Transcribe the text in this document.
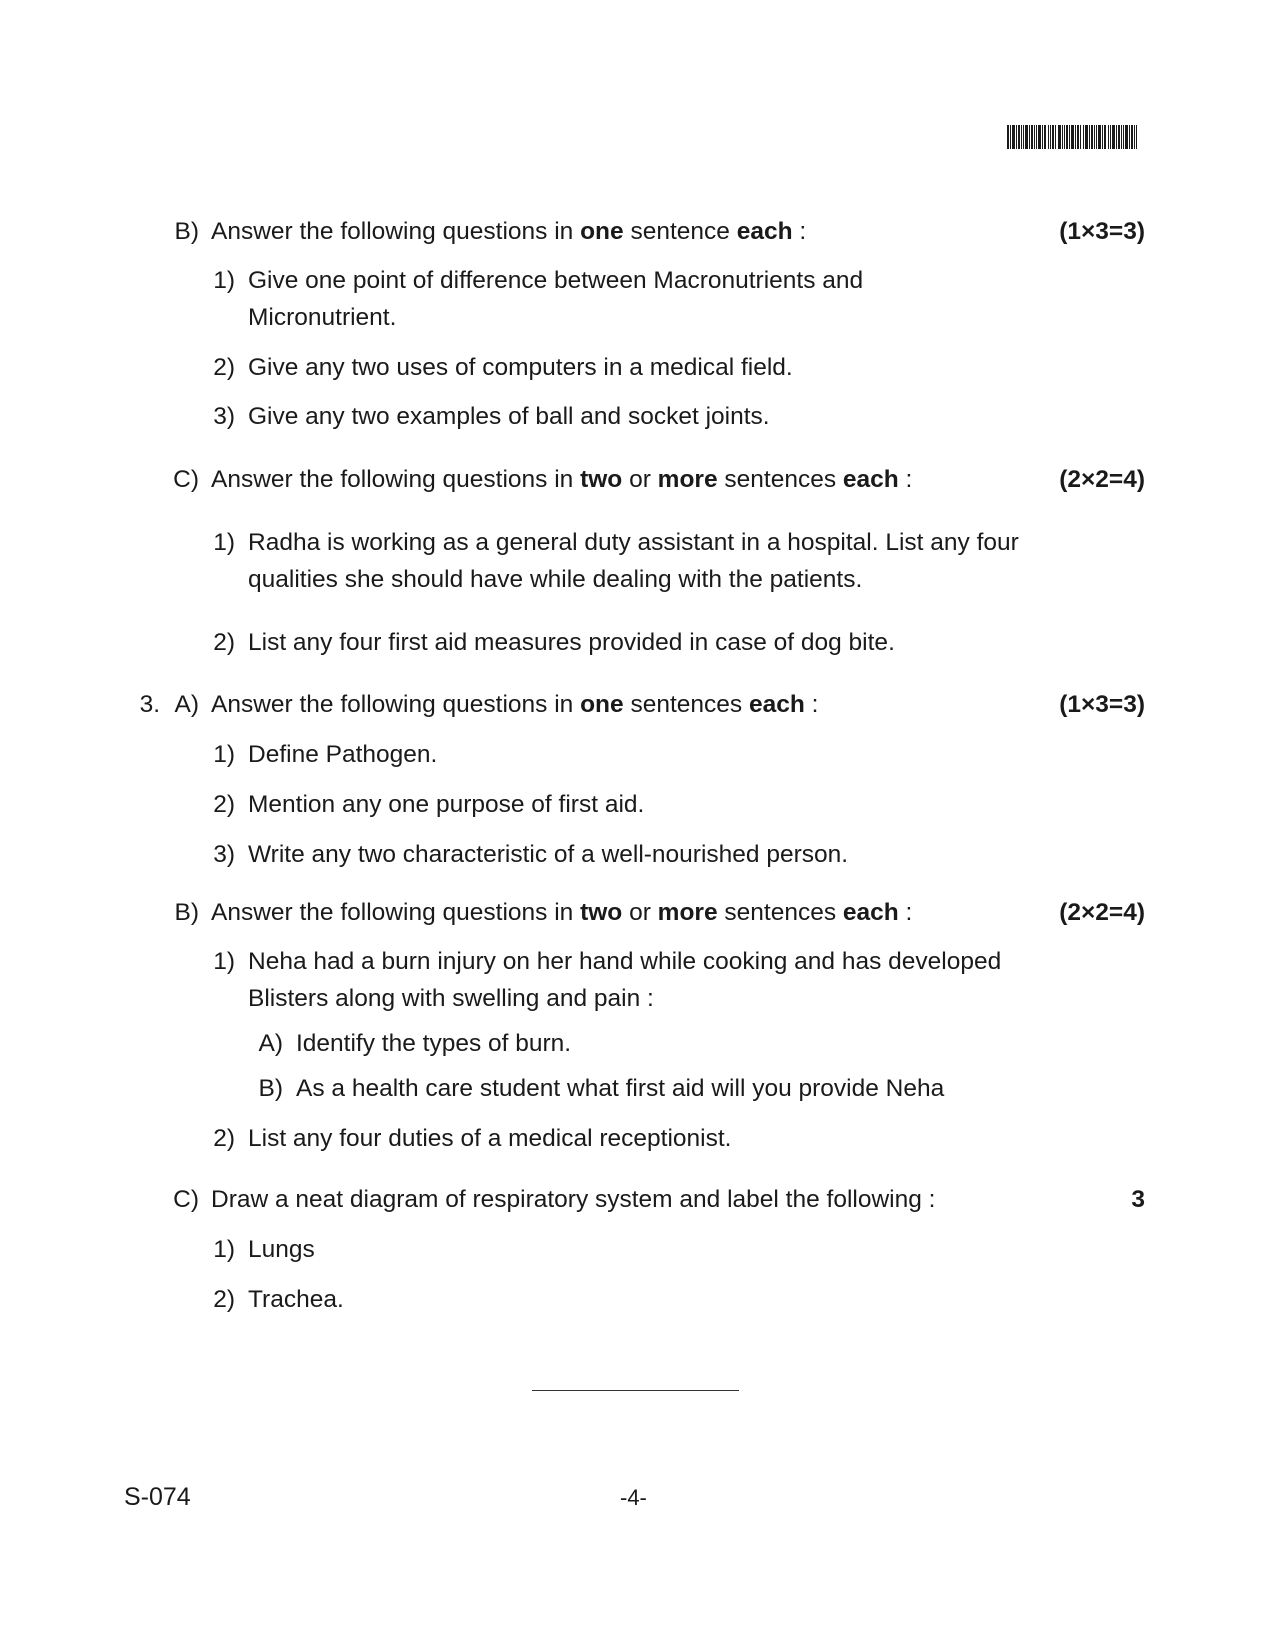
B) Answer the following questions in one sentence each :	(1×3=3)
1) Give one point of difference between Macronutrients and
Micronutrient.
2) Give any two uses of computers in a medical field.
3) Give any two examples of ball and socket joints.
C) Answer the following questions in two or more sentences each :	(2×2=4)
1) Radha is working as a general duty assistant in a hospital. List any four
qualities she should have while dealing with the patients.
2) List any four first aid measures provided in case of dog bite.
3. A) Answer the following questions in one sentences each :	(1×3=3)
1) Define Pathogen.
2) Mention any one purpose of first aid.
3) Write any two characteristic of a well-nourished person.
B) Answer the following questions in two or more sentences each :	(2×2=4)
1) Neha had a burn injury on her hand while cooking and has developed
Blisters along with swelling and pain :
A) Identify the types of burn.
B) As a health care student what first aid will you provide Neha
2) List any four duties of a medical receptionist.
C) Draw a neat diagram of respiratory system and label the following :	3
1) Lungs
2) Trachea.
S-074	-4-
